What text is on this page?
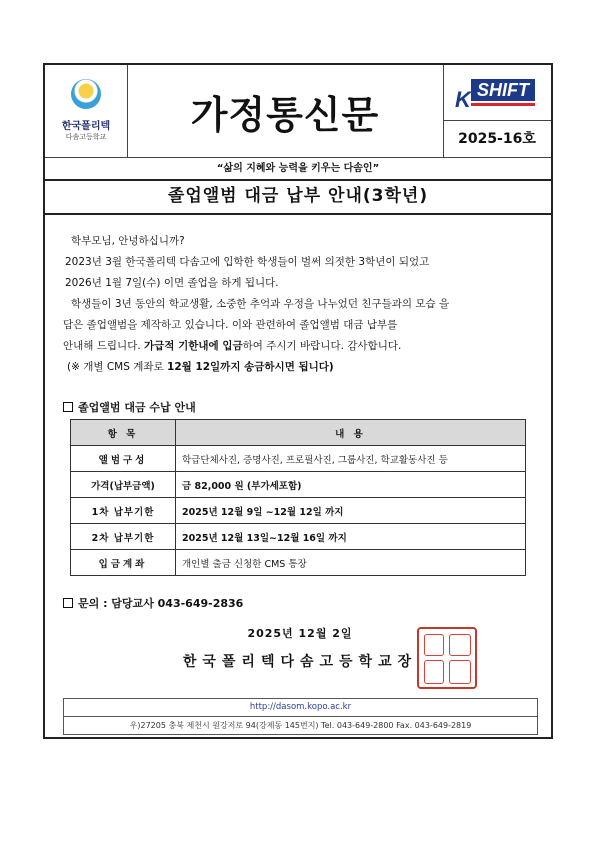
한국폴리텍
다솜고등학교	가정통신문	K SHIFT
2025-16호
“삶의 지혜와 능력을 키우는 다솜인”
졸업앨범 대금 납부 안내(3학년)

학부모님, 안녕하십니까?

2023년 3월 한국폴리텍 다솜고에 입학한 학생들이 벌써 의젓한 3학년이 되었고

2026년 1월 7일(수) 이면 졸업을 하게 됩니다.

학생들이 3년 동안의 학교생활, 소중한 추억과 우정을 나누었던 친구들과의 모습 을

담은 졸업앨범을 제작하고 있습니다. 이와 관련하여 졸업앨범 대금 납부를

안내해 드립니다. 가급적 기한내에 입금하여 주시기 바랍니다. 감사합니다.

(※ 개별 CMS 계좌로 12월 12일까지 송금하시면 됩니다)

졸업앨범 대금 수납 안내
항 목	내 용
앨범구성	학급단체사진, 증명사진, 프로필사진, 그룹사진, 학교활동사진 등
가격(납부금액)	금 82,000 원 (부가세포함)
1차 납부기한	2025년 12월 9일 ~12월 12일 까지
2차 납부기한	2025년 12월 13일~12월 16일 까지
입금계좌	개인별 출금 신청한 CMS 통장
문의 : 담당교사 043-649-2836
2025년 12월 2일
한국폴리텍다솜고등학교장
http://dasom.kopo.ac.kr
우)27205 충북 제천시 원강저로 94(강제동 145번지) Tel. 043-649-2800 Fax. 043-649-2819
